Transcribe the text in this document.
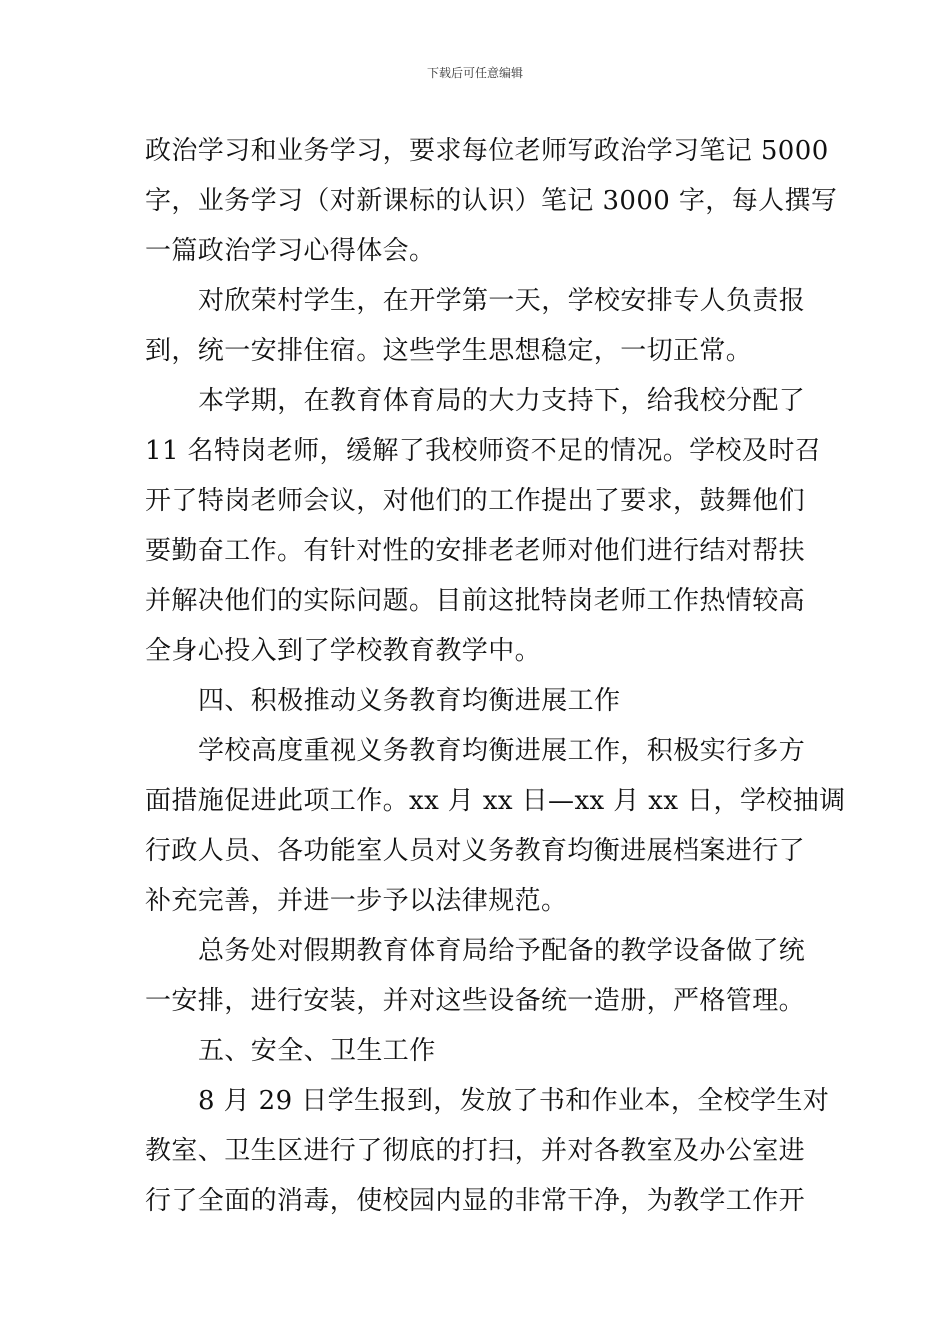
下载后可任意编辑
政治学习和业务学习，要求每位老师写政治学习笔记 5000
字，业务学习（对新课标的认识）笔记 3000 字，每人撰写
一篇政治学习心得体会。
对欣荣村学生，在开学第一天，学校安排专人负责报
到，统一安排住宿。这些学生思想稳定，一切正常。
本学期，在教育体育局的大力支持下，给我校分配了
11 名特岗老师，缓解了我校师资不足的情况。学校及时召
开了特岗老师会议，对他们的工作提出了要求，鼓舞他们
要勤奋工作。有针对性的安排老老师对他们进行结对帮扶
并解决他们的实际问题。目前这批特岗老师工作热情较高
全身心投入到了学校教育教学中。
四、积极推动义务教育均衡进展工作
学校高度重视义务教育均衡进展工作，积极实行多方
面措施促进此项工作。xx 月 xx 日—xx 月 xx 日，学校抽调
行政人员、各功能室人员对义务教育均衡进展档案进行了
补充完善，并进一步予以法律规范。
总务处对假期教育体育局给予配备的教学设备做了统
一安排，进行安装，并对这些设备统一造册，严格管理。
五、安全、卫生工作
8 月 29 日学生报到，发放了书和作业本，全校学生对
教室、卫生区进行了彻底的打扫，并对各教室及办公室进
行了全面的消毒，使校园内显的非常干净，为教学工作开
